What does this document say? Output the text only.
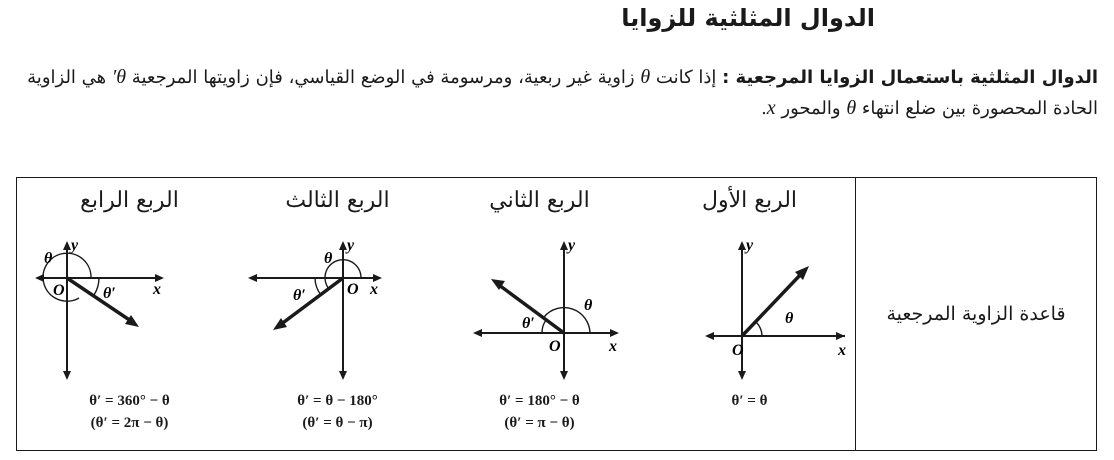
الدوال المثلثية للزوايا
الدوال المثلثية باستعمال الزوايا المرجعية : إذا كانت θ زاوية غير ربعية، ومرسومة في الوضع القياسي، فإن زاويتها المرجعية θ′ هي الزاوية الحادة المحصورة بين ضلع انتهاء θ والمحور x.
قاعدة الزاوية المرجعية
الربع الأول
y
O	x
θ
θ′ = θ
الربع الثاني
y
O	x
θ
θ′
θ′ = 180° − θ
(θ′ = π − θ)
الربع الثالث
y
θ
O x
θ′
θ′ = θ − 180°
(θ′ = θ − π)
الربع الرابع
y
θ
O	x
θ′
θ′ = 360° − θ
(θ′ = 2π − θ)
